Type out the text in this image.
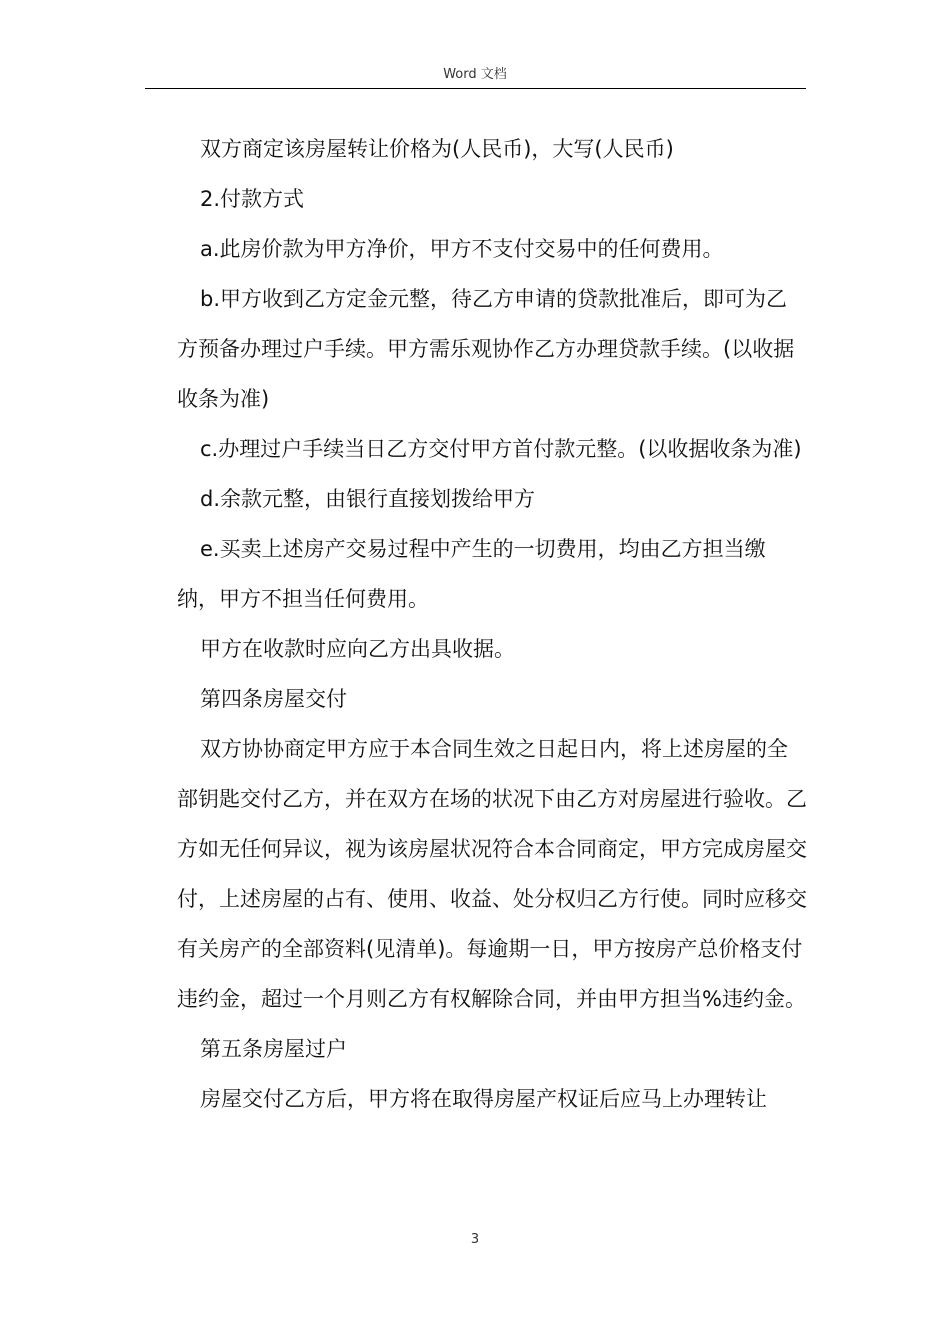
Word 文档

双方商定该房屋转让价格为(人民币)，大写(人民币)

2.付款方式

a.此房价款为甲方净价，甲方不支付交易中的任何费用。

b.甲方收到乙方定金元整，待乙方申请的贷款批准后，即可为乙方预备办理过户手续。甲方需乐观协作乙方办理贷款手续。(以收据收条为准)

c.办理过户手续当日乙方交付甲方首付款元整。(以收据收条为准)

d.余款元整，由银行直接划拨给甲方

e.买卖上述房产交易过程中产生的一切费用，均由乙方担当缴纳，甲方不担当任何费用。

甲方在收款时应向乙方出具收据。

第四条房屋交付

双方协协商定甲方应于本合同生效之日起日内，将上述房屋的全部钥匙交付乙方，并在双方在场的状况下由乙方对房屋进行验收。乙方如无任何异议，视为该房屋状况符合本合同商定，甲方完成房屋交付，上述房屋的占有、使用、收益、处分权归乙方行使。同时应移交有关房产的全部资料(见清单)。每逾期一日，甲方按房产总价格支付违约金，超过一个月则乙方有权解除合同，并由甲方担当%违约金。

第五条房屋过户

房屋交付乙方后，甲方将在取得房屋产权证后应马上办理转让

3
